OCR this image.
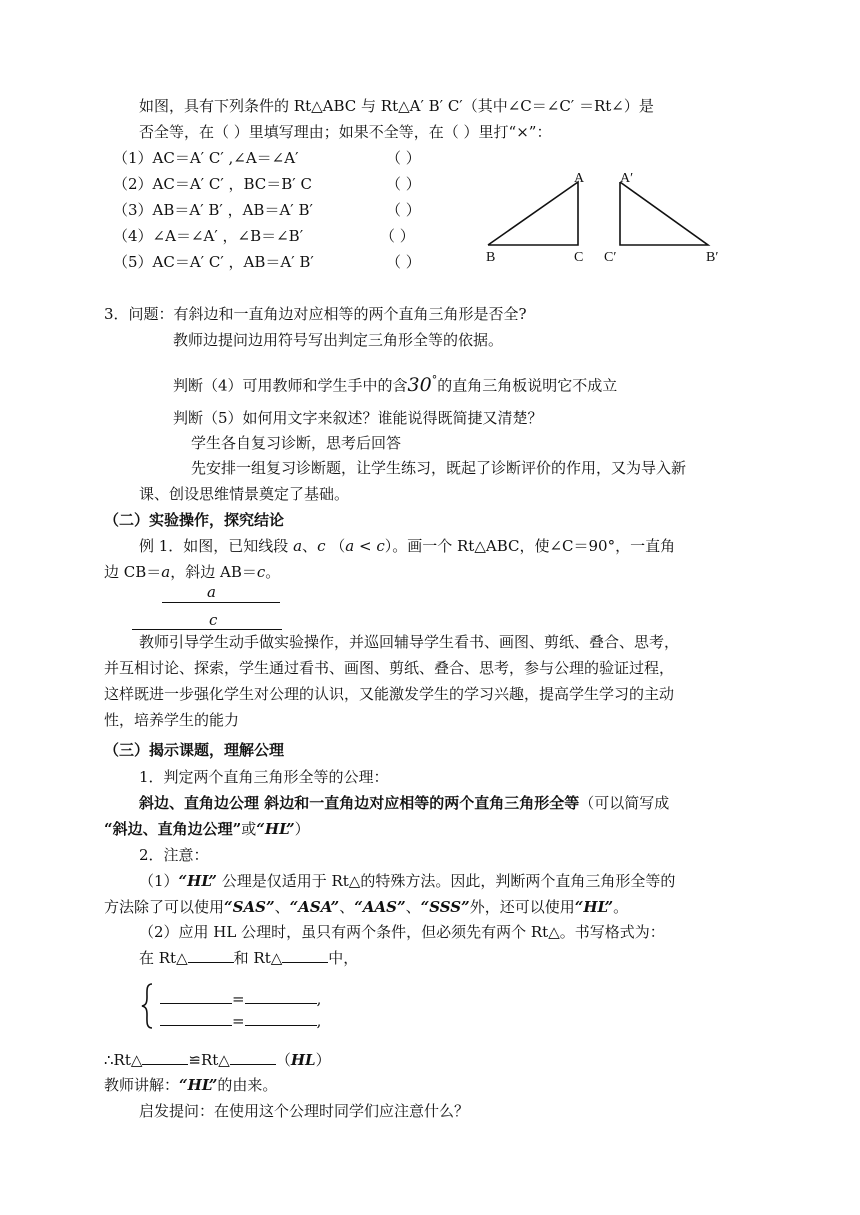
如图，具有下列条件的 Rt△ABC 与 Rt△A′ B′ C′（其中∠C＝∠C′ ＝Rt∠）是
否全等，在（ ）里填写理由；如果不全等，在（ ）里打“×”：
（1）AC＝A′ C′ ,∠A＝∠A′	（ ）
（2）AC＝A′ C′ ，BC＝B′ C	（ ）
（3）AB＝A′ B′ ，AB＝A′ B′	（ ）
（4）∠A＝∠A′ ，∠B＝∠B′	（ ）
（5）AC＝A′ C′ ，AB＝A′ B′	（ ）
A
B	C
A′
C′	B′
3．问题：有斜边和一直角边对应相等的两个直角三角形是否全?
教师边提问边用符号写出判定三角形全等的依据。
判断（4）可用教师和学生手中的含30°的直角三角板说明它不成立
判断（5）如何用文字来叙述？谁能说得既简捷又清楚？
学生各自复习诊断，思考后回答
先安排一组复习诊断题，让学生练习，既起了诊断评价的作用，又为导入新
课、创设思维情景奠定了基础。
（二）实验操作，探究结论
例 1．如图，已知线段 a、c （a < c）。画一个 Rt△ABC，使∠C＝90°，一直角
边 CB＝a，斜边 AB＝c。
a
c
教师引导学生动手做实验操作，并巡回辅导学生看书、画图、剪纸、叠合、思考，
并互相讨论、探索，学生通过看书、画图、剪纸、叠合、思考，参与公理的验证过程，
这样既进一步强化学生对公理的认识，又能激发学生的学习兴趣，提高学生学习的主动
性，培养学生的能力
（三）揭示课题，理解公理
1．判定两个直角三角形全等的公理：
斜边、直角边公理 斜边和一直角边对应相等的两个直角三角形全等（可以简写成
“斜边、直角边公理”或“HL”）
2．注意：
（1）“HL” 公理是仅适用于 Rt△的特殊方法。因此，判断两个直角三角形全等的
方法除了可以使用“SAS”、“ASA”、“AAS”、“SSS”外，还可以使用“HL”。
（2）应用 HL 公理时，虽只有两个条件，但必须先有两个 Rt△。书写格式为：
在 Rt△	和 Rt△	中，
=	,
=	,
∴Rt△	≌Rt△	（HL）
教师讲解：“HL”的由来。
启发提问：在使用这个公理时同学们应注意什么？
